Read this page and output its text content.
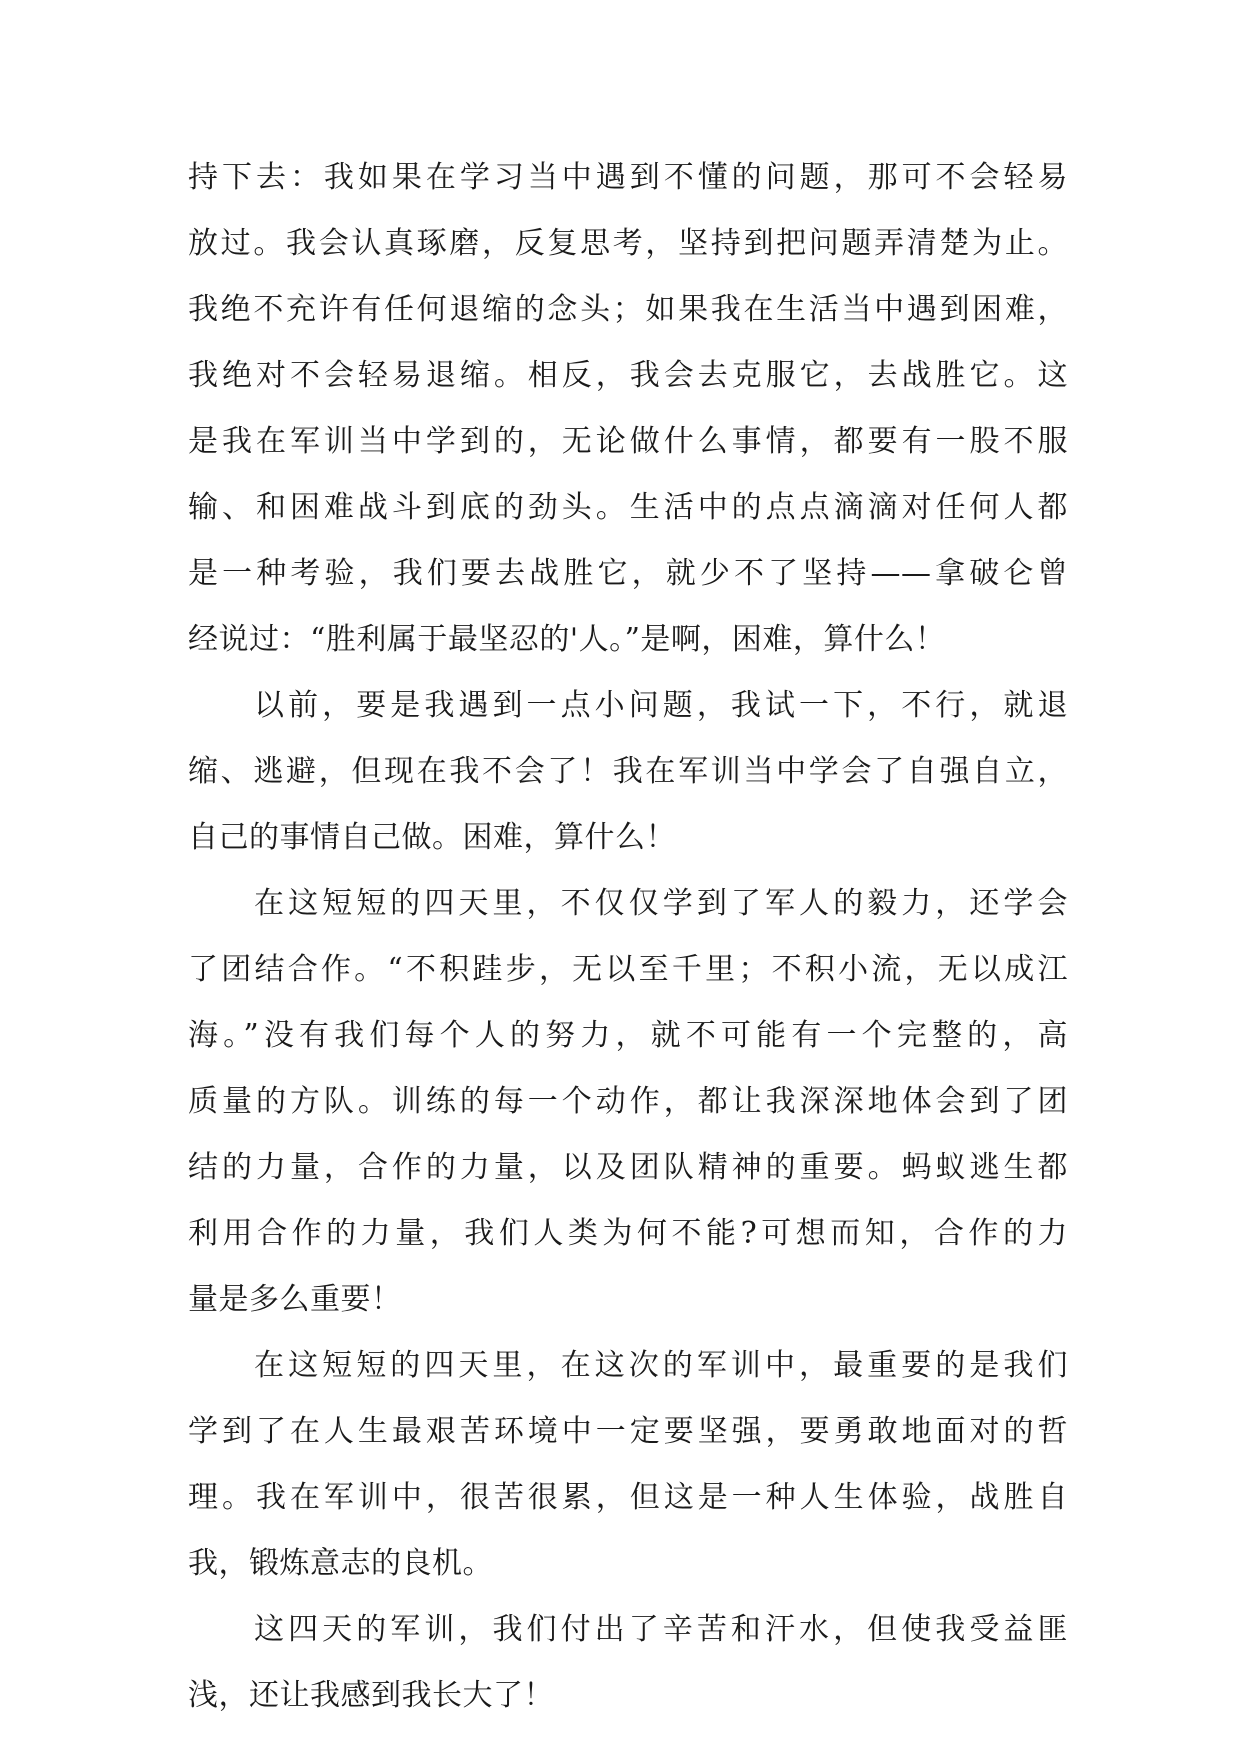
持下去：我如果在学习当中遇到不懂的问题，那可不会轻易
放过。我会认真琢磨，反复思考，坚持到把问题弄清楚为止。
我绝不充许有任何退缩的念头；如果我在生活当中遇到困难，
我绝对不会轻易退缩。相反，我会去克服它，去战胜它。这
是我在军训当中学到的，无论做什么事情，都要有一股不服
输、和困难战斗到底的劲头。生活中的点点滴滴对任何人都
是一种考验，我们要去战胜它，就少不了坚持——拿破仑曾
经说过：“胜利属于最坚忍的'人。”是啊，困难，算什么！
以前，要是我遇到一点小问题，我试一下，不行，就退
缩、逃避，但现在我不会了！我在军训当中学会了自强自立，
自己的事情自己做。困难，算什么！
在这短短的四天里，不仅仅学到了军人的毅力，还学会
了团结合作。“不积跬步，无以至千里；不积小流，无以成江
海。”没有我们每个人的努力，就不可能有一个完整的，高
质量的方队。训练的每一个动作，都让我深深地体会到了团
结的力量，合作的力量，以及团队精神的重要。蚂蚁逃生都
利用合作的力量，我们人类为何不能?可想而知，合作的力
量是多么重要！
在这短短的四天里，在这次的军训中，最重要的是我们
学到了在人生最艰苦环境中一定要坚强，要勇敢地面对的哲
理。我在军训中，很苦很累，但这是一种人生体验，战胜自
我，锻炼意志的良机。
这四天的军训，我们付出了辛苦和汗水，但使我受益匪
浅，还让我感到我长大了！
